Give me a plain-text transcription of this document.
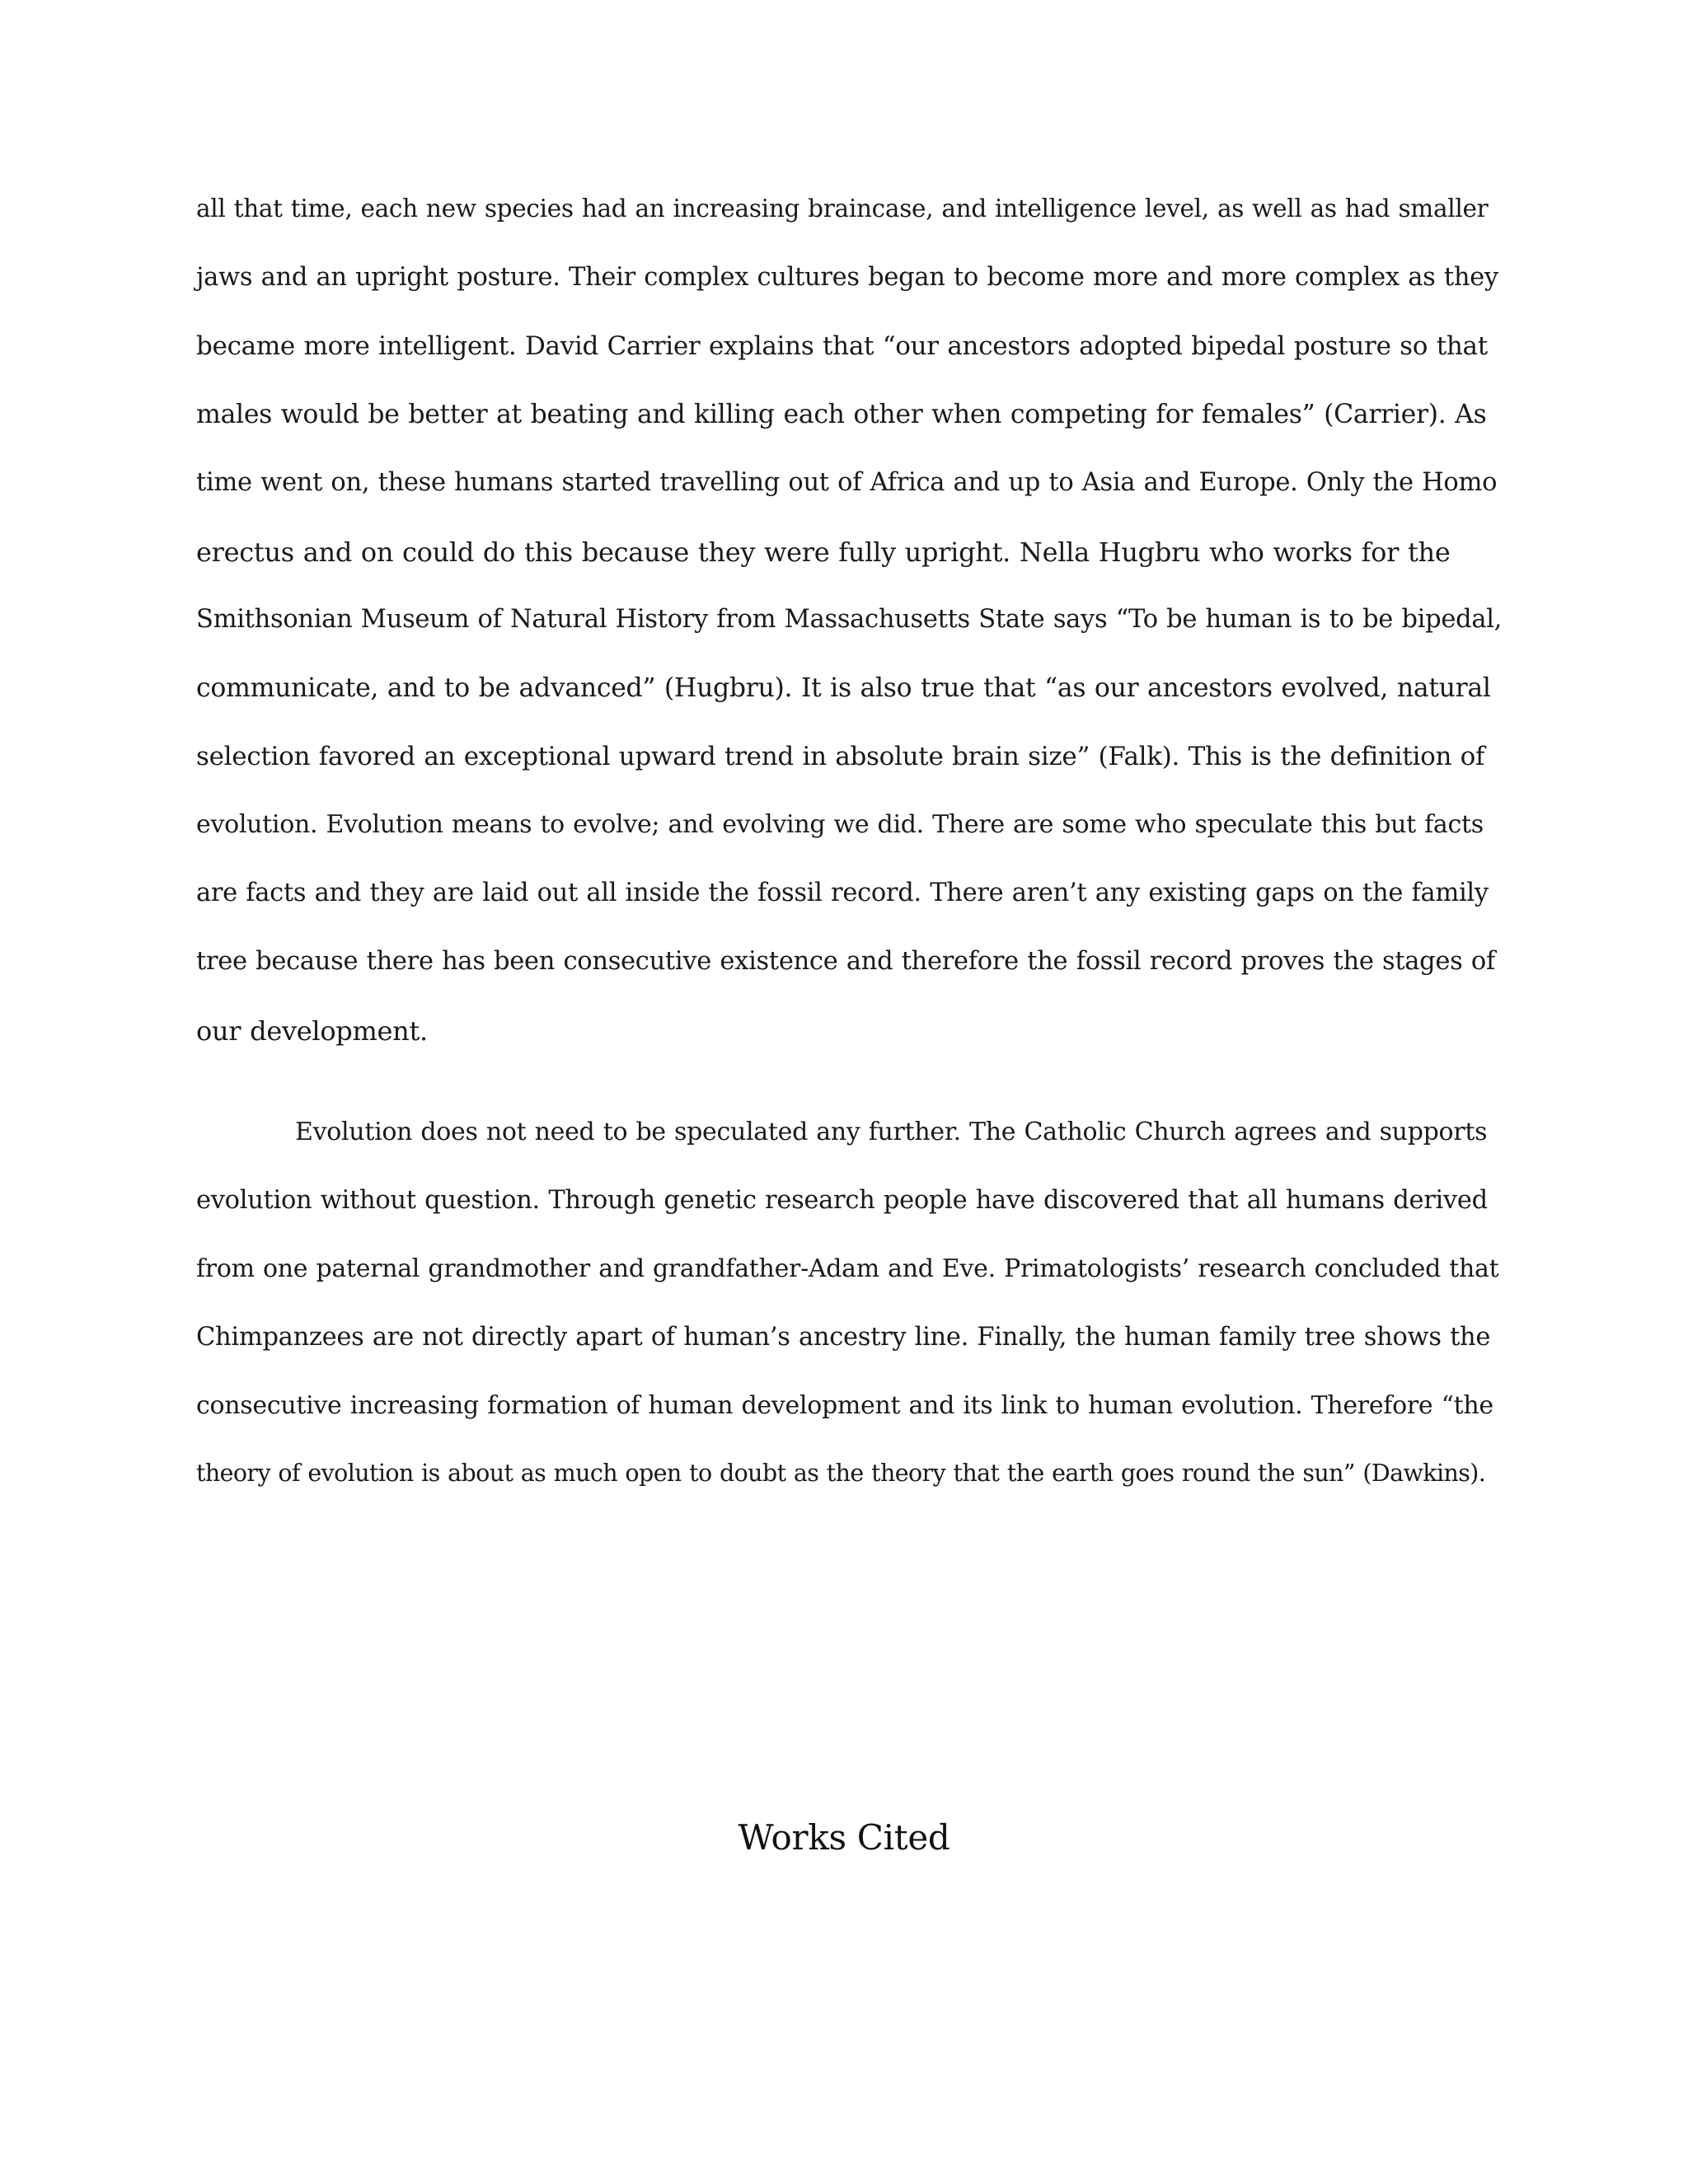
all that time, each new species had an increasing braincase, and intelligence level, as well as had smaller
jaws and an upright posture. Their complex cultures began to become more and more complex as they
became more intelligent. David Carrier explains that “our ancestors adopted bipedal posture so that
males would be better at beating and killing each other when competing for females” (Carrier). As
time went on, these humans started travelling out of Africa and up to Asia and Europe. Only the Homo
erectus and on could do this because they were fully upright. Nella Hugbru who works for the
Smithsonian Museum of Natural History from Massachusetts State says “To be human is to be bipedal,
communicate, and to be advanced” (Hugbru). It is also true that “as our ancestors evolved, natural
selection favored an exceptional upward trend in absolute brain size” (Falk). This is the definition of
evolution. Evolution means to evolve; and evolving we did. There are some who speculate this but facts
are facts and they are laid out all inside the fossil record. There aren’t any existing gaps on the family
tree because there has been consecutive existence and therefore the fossil record proves the stages of
our development.
Evolution does not need to be speculated any further. The Catholic Church agrees and supports
evolution without question. Through genetic research people have discovered that all humans derived
from one paternal grandmother and grandfather-Adam and Eve. Primatologists’ research concluded that
Chimpanzees are not directly apart of human’s ancestry line. Finally, the human family tree shows the
consecutive increasing formation of human development and its link to human evolution. Therefore “the
theory of evolution is about as much open to doubt as the theory that the earth goes round the sun” (Dawkins).
Works Cited
